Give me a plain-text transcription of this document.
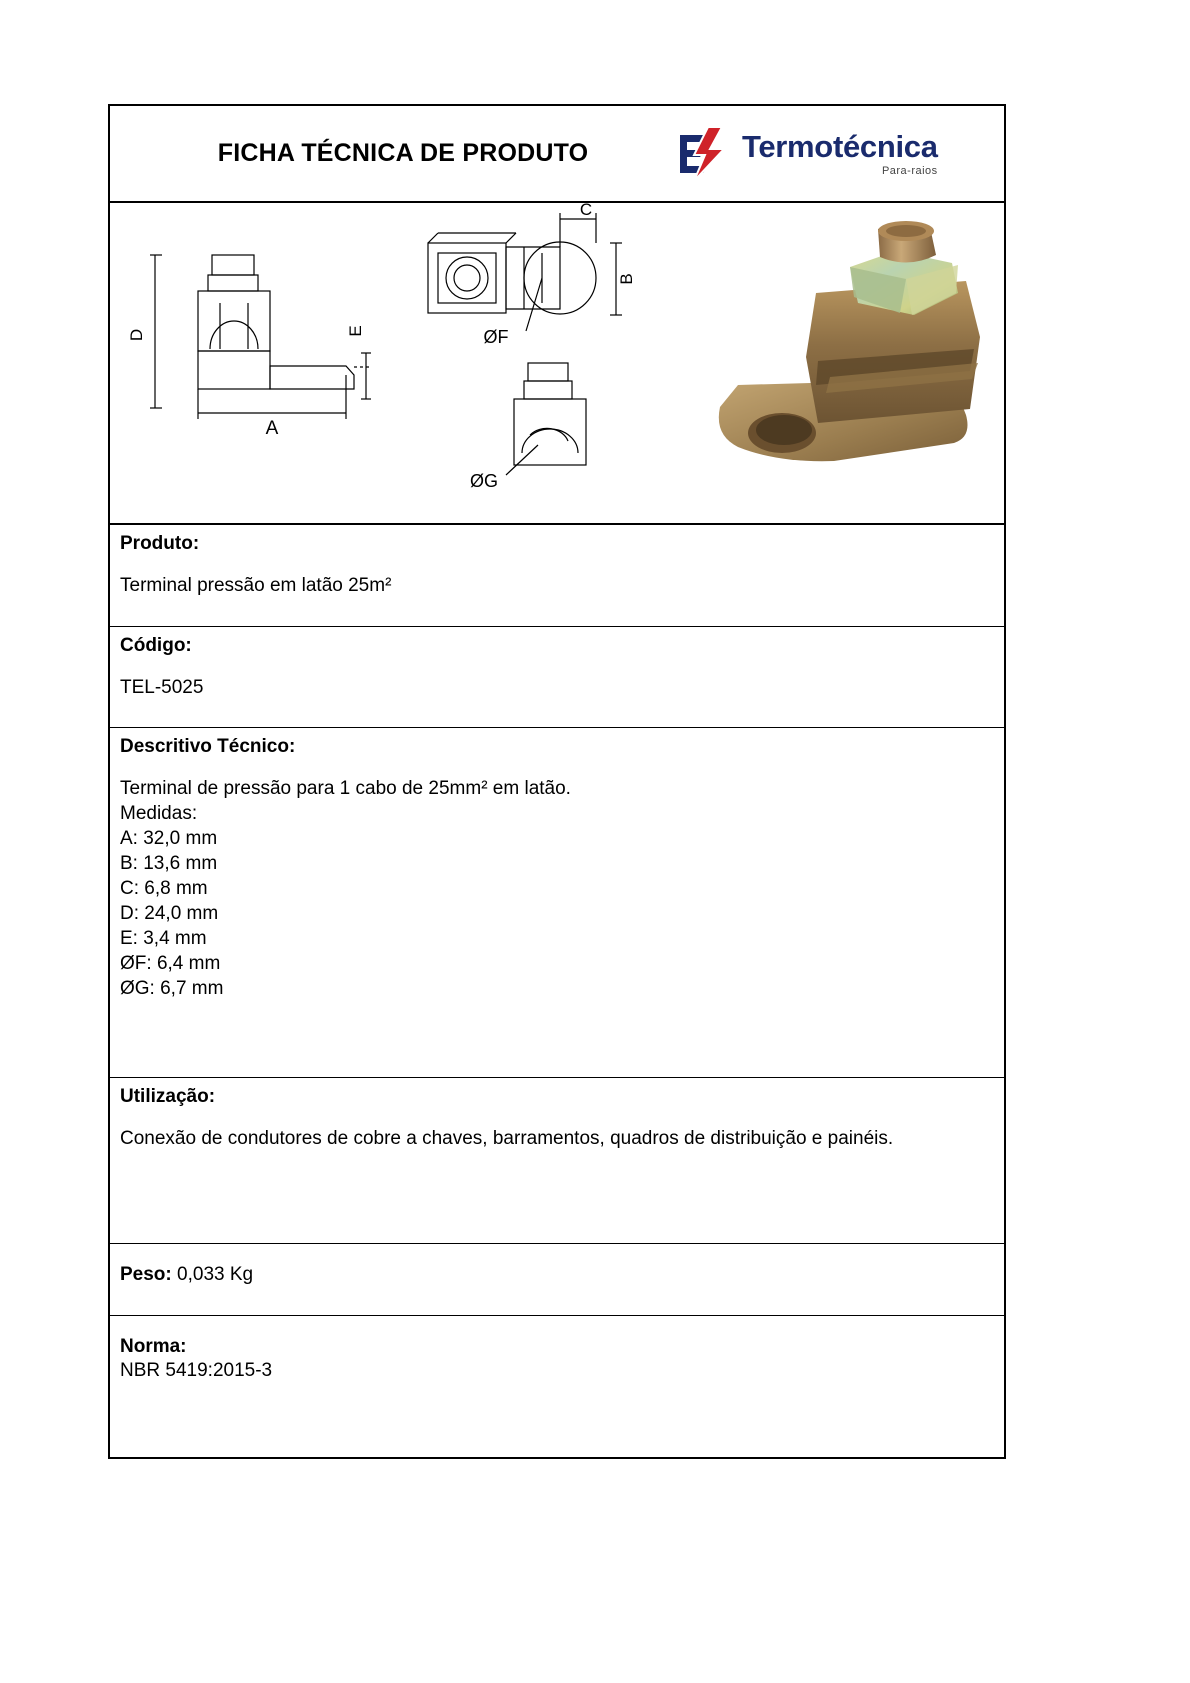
FICHA TÉCNICA DE PRODUTO	Termotécnica
Para-raios
D	E
A
C
B
ØF
ØG
Produto:
Terminal pressão em latão 25m²
Código:
TEL-5025
Descritivo Técnico:
Terminal de pressão para 1 cabo de 25mm² em latão.
Medidas:
A: 32,0 mm
B: 13,6 mm
C: 6,8 mm
D: 24,0 mm
E: 3,4 mm
ØF: 6,4 mm
ØG: 6,7 mm
Utilização:
Conexão de condutores de cobre a chaves, barramentos, quadros de distribuição e painéis.
Peso: 0,033 Kg
Norma:
NBR 5419:2015-3
